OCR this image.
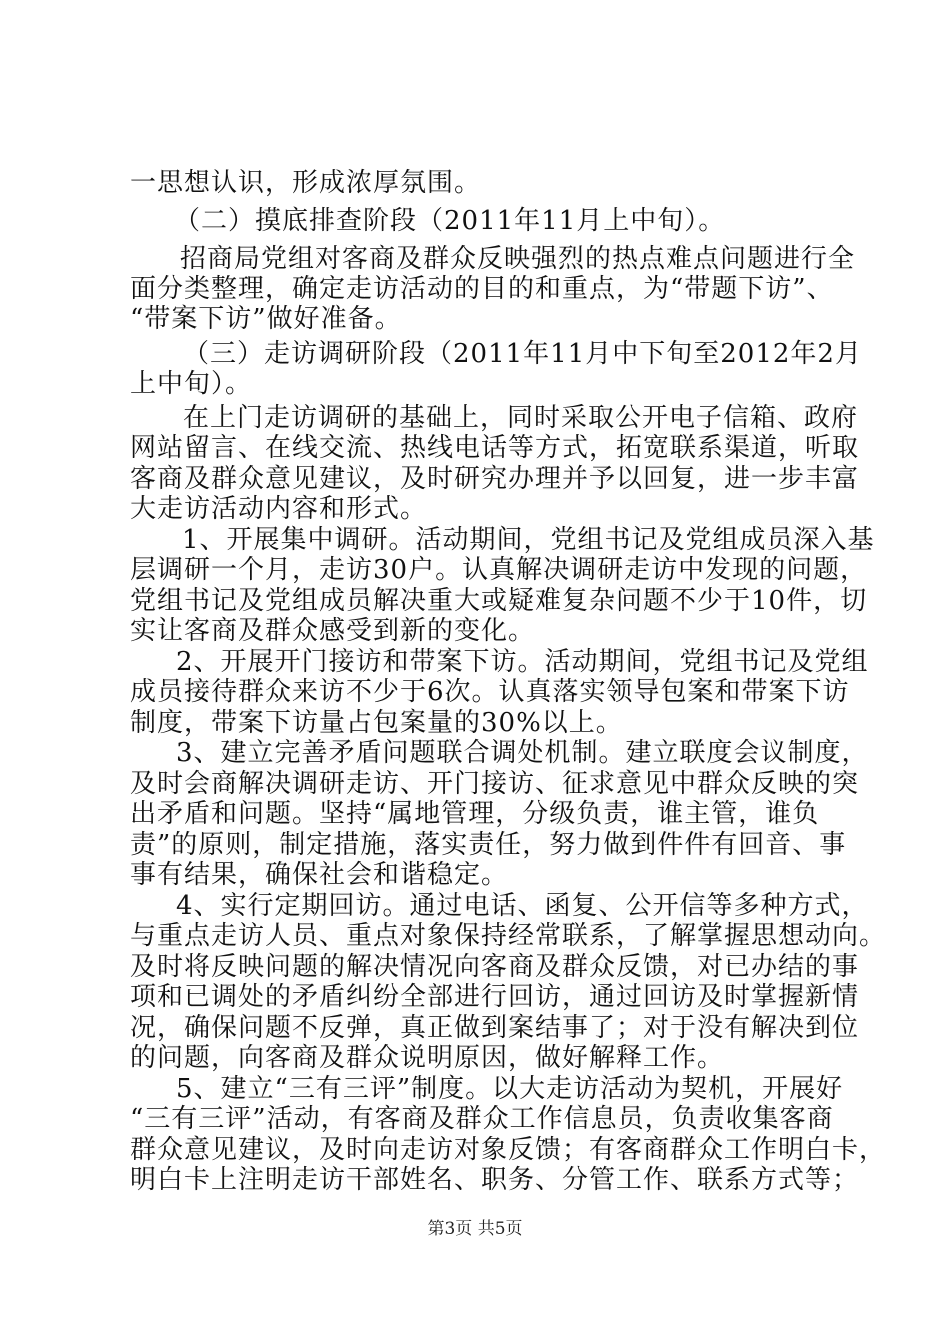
一思想认识，形成浓厚氛围。
（二）摸底排查阶段（2011年11月上中旬）。
招商局党组对客商及群众反映强烈的热点难点问题进行全
面分类整理，确定走访活动的目的和重点，为“带题下访”、
“带案下访”做好准备。
（三）走访调研阶段（2011年11月中下旬至2012年2月
上中旬）。
在上门走访调研的基础上，同时采取公开电子信箱、政府
网站留言、在线交流、热线电话等方式，拓宽联系渠道，听取
客商及群众意见建议，及时研究办理并予以回复，进一步丰富
大走访活动内容和形式。
1、开展集中调研。活动期间，党组书记及党组成员深入基
层调研一个月，走访30户。认真解决调研走访中发现的问题，
党组书记及党组成员解决重大或疑难复杂问题不少于10件，切
实让客商及群众感受到新的变化。
2、开展开门接访和带案下访。活动期间，党组书记及党组
成员接待群众来访不少于6次。认真落实领导包案和带案下访
制度，带案下访量占包案量的30%以上。
3、建立完善矛盾问题联合调处机制。建立联度会议制度，
及时会商解决调研走访、开门接访、征求意见中群众反映的突
出矛盾和问题。坚持“属地管理，分级负责，谁主管，谁负
责”的原则，制定措施，落实责任，努力做到件件有回音、事
事有结果，确保社会和谐稳定。
4、实行定期回访。通过电话、函复、公开信等多种方式，
与重点走访人员、重点对象保持经常联系，了解掌握思想动向。
及时将反映问题的解决情况向客商及群众反馈，对已办结的事
项和已调处的矛盾纠纷全部进行回访，通过回访及时掌握新情
况，确保问题不反弹，真正做到案结事了；对于没有解决到位
的问题，向客商及群众说明原因，做好解释工作。
5、建立“三有三评”制度。以大走访活动为契机，开展好
“三有三评”活动，有客商及群众工作信息员，负责收集客商
群众意见建议，及时向走访对象反馈；有客商群众工作明白卡，
明白卡上注明走访干部姓名、职务、分管工作、联系方式等；
第3页 共5页
